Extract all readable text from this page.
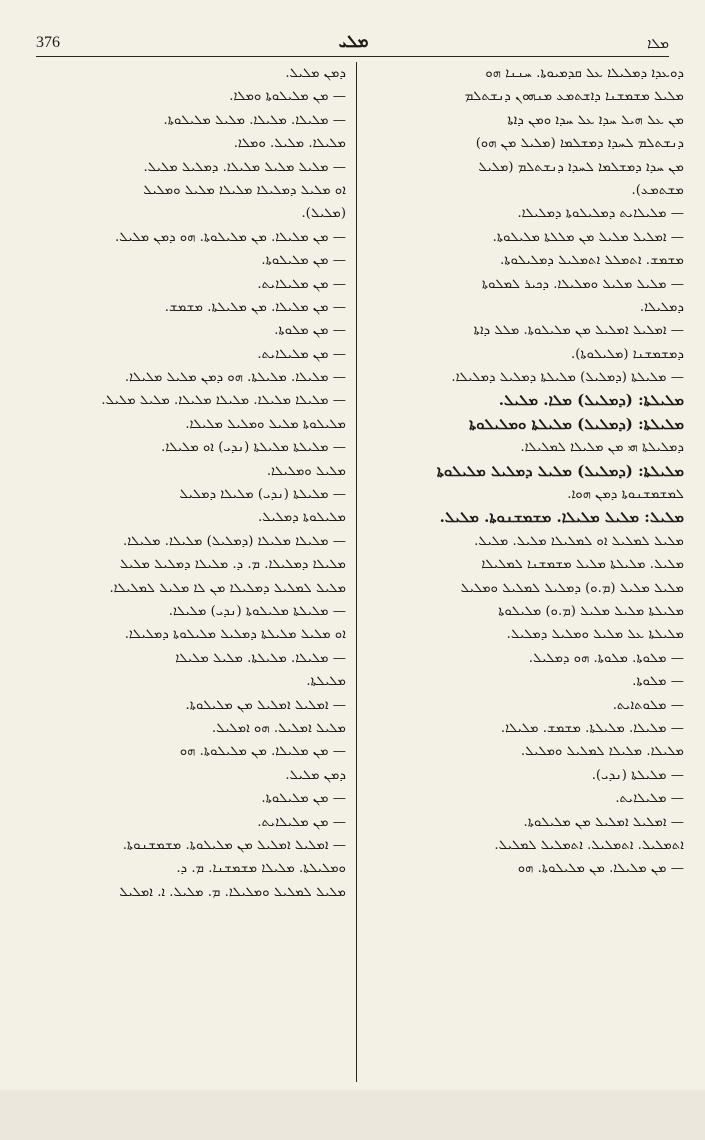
376	ܡܠܝ	ܡܠܐ
ܕܘܥܕܐ ܕܡܠܝܠܐ ܥܠ ܩܕܡܝܘܬܐ. ܚܢܢܐ ܗܘ
ܡܠܝܠ ܡܫܡܫܢܐ ܕܐܫܬܡܥ ܡܢܗܘܢ ܕܢܫܬܠܡ
ܡܢ ܥܠ ܗܝܠ ܚܕܐ ܥܠ ܚܕܐ ܘܡܢ ܕܐܬܐ
ܕܢܫܬܠܡ ܠܚܕܐ ܕܡܫܠܡܐ (ܡܠܝܠ ܡܢ ܗܘ)
ܡܢ ܚܕܐ ܕܡܫܠܡܐ ܠܚܕܐ ܕܢܫܬܠܡ (ܡܠܝܠ
ܡܫܬܡܥ).
— ܡܠܝܠܐܝܬ ܕܡܠܝܠܘܬܐ ܕܡܠܝܠܐ.
— ܐܡܠܝܠ ܡܠܝܠ ܡܢ ܡܠܠܬܐ ܡܠܝܠܘܬܐ.
ܡܫܡܫ. ܐܬܡܠܠ ܐܬܡܠܝܠ ܕܡܠܝܠܘܬܐ.
— ܡܠܝܠ ܡܠܝܠ ܘܡܠܝܠܐ. ܕܟܝܪ ܠܡܠܘܬܐ
ܕܡܠܝܠܐ.
— ܐܡܠܝܠ ܐܡܠܝܠ ܡܢ ܡܠܝܠܘܬܐ. ܡܠܠ ܕܐܬܐ
ܕܡܫܡܫܢܐ (ܡܠܝܠܘܬܐ).
— ܡܠܝܠܬܐ (ܕܡܠܝܠ) ܡܠܝܠܬܐ ܕܡܠܝܠ ܕܡܠܝܠܐ.
ܡܠܝܠܬܐ: (ܕܡܠܝܠ) ܡܠܐ. ܡܠܝܠ.
ܡܠܝܠܬܐ: (ܕܡܠܝܠ) ܡܠܝܠܬܐ ܘܡܠܝܠܘܬܐ
ܕܡܠܝܠܬܐ ܗܝ ܡܢ ܡܠܝܠܐ ܠܡܠܝܠܐ.
ܡܠܝܠܬܐ: (ܕܡܠܝܠ) ܡܠܝܠ ܕܡܠܝܠ ܡܠܝܠܘܬܐ
ܠܡܫܡܫܢܘܬܐ ܕܡܢ ܗܘܐ.
ܡܠܝܠ: ܡܠܝܠ ܡܠܝܠܐ. ܡܫܡܫܢܘܬܐ. ܡܠܝܠ.
ܡܠܝܠ ܠܡܠܝܠ ܐܘ ܠܡܠܝܠܐ ܡܠܝܠ. ܡܠܝܠ.
ܡܠܝܠ. ܡܠܝܠܬܐ ܡܠܝܠ ܡܫܡܫܢܐ ܠܡܠܝܠܐ
ܡܠܝܠ ܡܠܝܠ (ܡ.ܘ) ܕܡܠܝܠ ܠܡܠܝܠ ܘܡܠܝܠ
ܡܠܝܠܬܐ ܡܠܝܠ ܡܠܝܠ (ܡ.ܘ) ܡܠܝܠܘܬܐ
ܡܠܝܠܬܐ ܥܠ ܡܠܝܠ ܘܡܠܝܠ ܕܡܠܝܠ.
— ܡܠܘܬܐ. ܡܠܘܬܐ. ܗܘ ܕܡܠܝܠ.
— ܡܠܘܬܐ.
— ܡܠܘܬܐܝܬ.
— ܡܠܝܠܐ. ܡܠܝܠܬܐ. ܡܫܡܫ. ܡܠܝܠܐ.
ܡܠܝܠܐ. ܡܠܝܠܐ ܠܡܠܝܠ ܘܡܠܝܠ.
— ܡܠܝܠܬܐ (ܢܕܝ).
— ܡܠܝܠܐܝܬ.
— ܐܡܠܝܠ ܐܡܠܝܠ ܡܢ ܡܠܝܠܘܬܐ.
ܐܬܡܠܝܠ. ܐܬܡܠܝܠ. ܐܬܡܠܝܠ ܠܡܠܝܠ.
— ܡܢ ܡܠܝܠܐ. ܡܢ ܡܠܝܠܘܬܐ. ܗܘ
ܕܡܢ ܡܠܝܠ.
— ܡܢ ܡܠܝܠܘܬܐ ܘܡܠܐ.
— ܡܠܝܠܐ. ܡܠܝܠܐ. ܡܠܝܠ ܡܠܝܠܘܬܐ.
ܡܠܝܠܐ. ܡܠܝܠ. ܘܡܠܐ.
— ܡܠܝܠ ܡܠܝܠ ܡܠܝܠܐ. ܕܡܠܝܠ ܡܠܝܠ.
ܐܘ ܡܠܝܠ ܕܡܠܝܠܐ ܡܠܝܠܐ ܡܠܝܠ ܘܡܠܝܠ
(ܡܠܝܠ).
— ܡܢ ܡܠܝܠܐ. ܡܢ ܡܠܝܠܘܬܐ. ܗܘ ܕܡܢ ܡܠܝܠ.
— ܡܢ ܡܠܝܠܘܬܐ.
— ܡܢ ܡܠܝܠܐܝܬ.
— ܡܢ ܡܠܝܠܐ. ܡܢ ܡܠܝܠܬܐ. ܡܫܡܫ.
— ܡܢ ܡܠܘܬܐ.
— ܡܢ ܡܠܝܠܐܝܬ.
— ܡܠܝܠܐ. ܡܠܝܠܬܐ. ܗܘ ܕܡܢ ܡܠܝܠ ܡܠܝܠܐ.
— ܡܠܝܠܐ ܡܠܝܠܐ. ܡܠܝܠܐ ܡܠܝܠܐ. ܡܠܝܠ ܡܠܝܠ.
ܡܠܝܠܘܬܐ ܡܠܝܠ ܘܡܠܝܠ ܡܠܝܠܐ.
— ܡܠܝܠܬܐ ܡܠܝܠܬܐ (ܢܕܝ) ܐܘ ܡܠܝܠܐ.
ܡܠܝܠ ܘܡܠܝܠܐ.
— ܡܠܝܠܬܐ (ܢܕܝ) ܡܠܝܠܐ ܕܡܠܝܠ
ܡܠܝܠܘܬܐ ܕܡܠܝܠ.
— ܡܠܝܠܐ ܡܠܝܠܐ (ܕܡܠܝܠ) ܡܠܝܠܐ. ܡܠܝܠܐ.
ܡܠܝܠܐ ܕܡܠܝܠܐ. ܡ. ܕ. ܡܠܝܠܐ ܕܡܠܝܠ ܡܠܝܠ
ܡܠܝܠ ܠܡܠܝܠ ܕܡܠܝܠܐ ܡܢ ܠܐ ܡܠܝܠ ܠܡܠܝܠܐ.
— ܡܠܝܠܬܐ ܡܠܝܠܘܬܐ (ܢܕܝ) ܡܠܝܠܐ.
ܐܘ ܡܠܝܠ ܡܠܝܠܬܐ ܕܡܠܝܠ ܡܠܝܠܘܬܐ ܕܡܠܝܠܐ.
— ܡܠܝܠܐ. ܡܠܝܠܬܐ. ܡܠܝܠ ܡܠܝܠܐ
ܡܠܝܠܬܐ.
— ܐܡܠܝܠ ܐܡܠܝܠ ܡܢ ܡܠܝܠܘܬܐ.
ܡܠܝܠ ܐܡܠܝܠ. ܗܘ ܐܡܠܝܠ.
— ܡܢ ܡܠܝܠܐ. ܡܢ ܡܠܝܠܘܬܐ. ܗܘ
ܕܡܢ ܡܠܝܠ.
— ܡܢ ܡܠܝܠܘܬܐ.
— ܡܢ ܡܠܝܠܐܝܬ.
— ܐܡܠܝܠ ܐܡܠܝܠ ܡܢ ܡܠܝܠܘܬܐ. ܡܫܡܫܢܘܬܐ.
ܘܡܠܝܠܬܐ. ܡܠܝܠܐ ܡܫܡܫܢܐ. ܡ. ܕ.
ܡܠܝܠ ܠܡܠܝܠ ܘܡܠܝܠܐ. ܡ. ܡܠܝܠ. ܐ. ܐܡܠܝܠ
